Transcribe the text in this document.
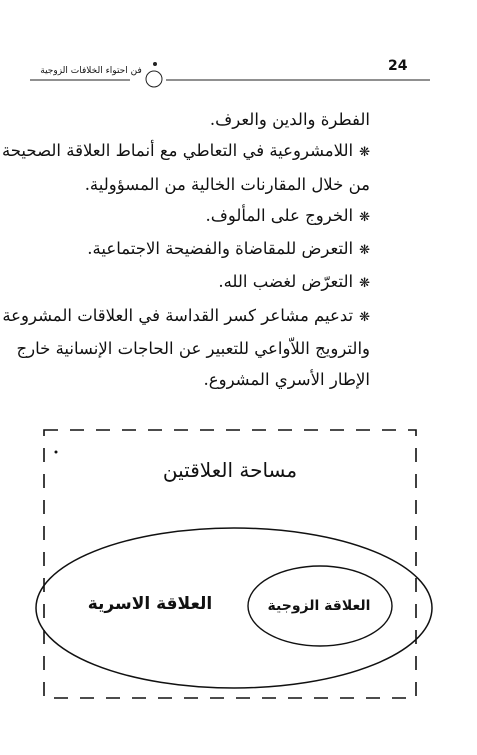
فن احتواء الخلافات الزوجية	24
الفطرة والدين والعرف.
❋اللامشروعية في التعاطي مع أنماط العلاقة الصحيحة
من خلال المقارنات الخالية من المسؤولية.
❋الخروج على المألوف.
❋التعرض للمقاضاة والفضيحة الاجتماعية.
❋التعرّض لغضب الله.
❋تدعيم مشاعر كسر القداسة في العلاقات المشروعة
والترويج اللاّواعي للتعبير عن الحاجات الإنسانية خارج
الإطار الأسري المشروع.
مساحة العلاقتين
العلاقة الاسرية	العلاقة الزوجية
